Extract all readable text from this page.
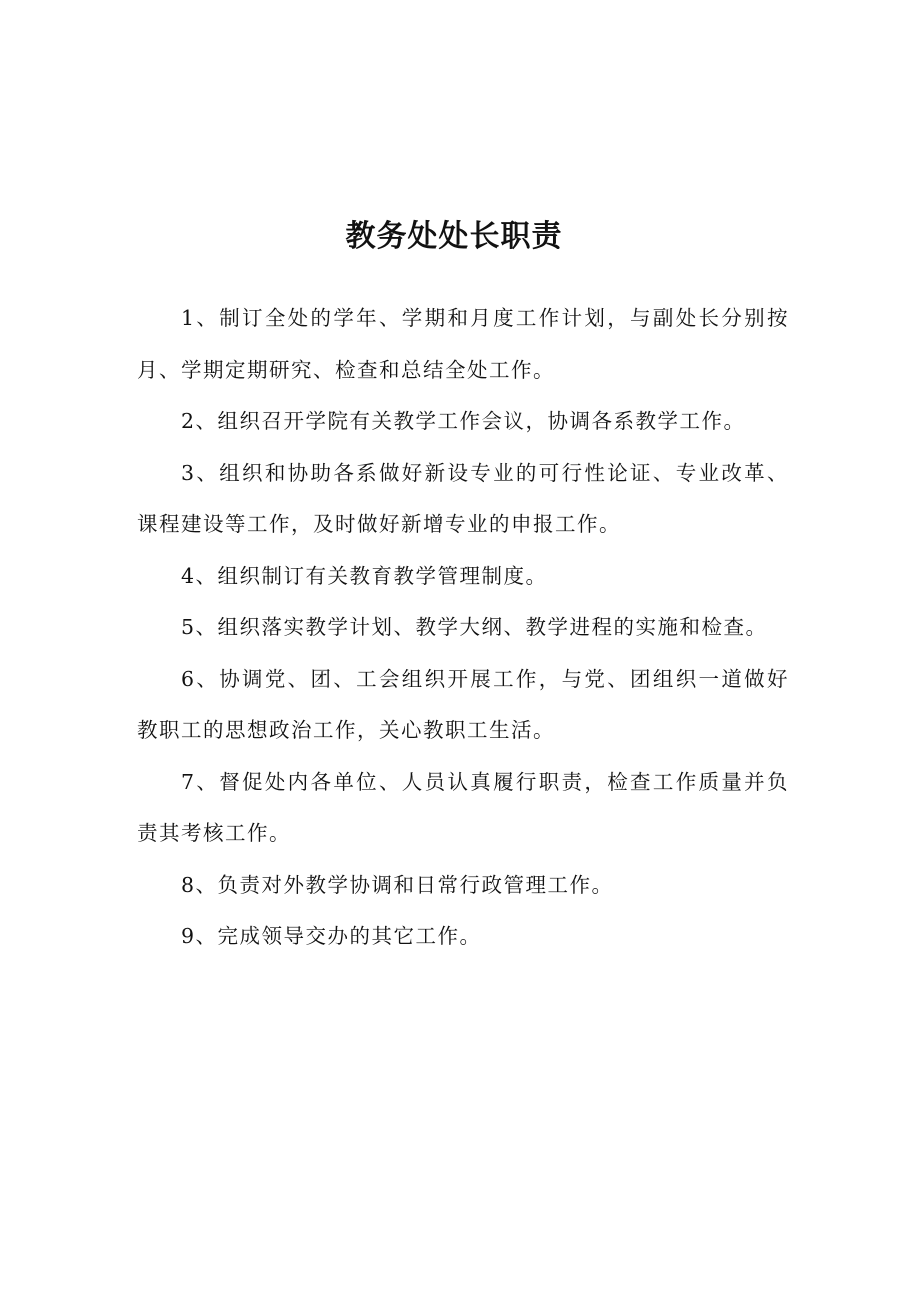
教务处处长职责

1、制订全处的学年、学期和月度工作计划，与副处长分别按月、学期定期研究、检查和总结全处工作。

2、组织召开学院有关教学工作会议，协调各系教学工作。

3、组织和协助各系做好新设专业的可行性论证、专业改革、课程建设等工作，及时做好新增专业的申报工作。

4、组织制订有关教育教学管理制度。

5、组织落实教学计划、教学大纲、教学进程的实施和检查。

6、协调党、团、工会组织开展工作，与党、团组织一道做好教职工的思想政治工作，关心教职工生活。

7、督促处内各单位、人员认真履行职责，检查工作质量并负责其考核工作。

8、负责对外教学协调和日常行政管理工作。

9、完成领导交办的其它工作。
